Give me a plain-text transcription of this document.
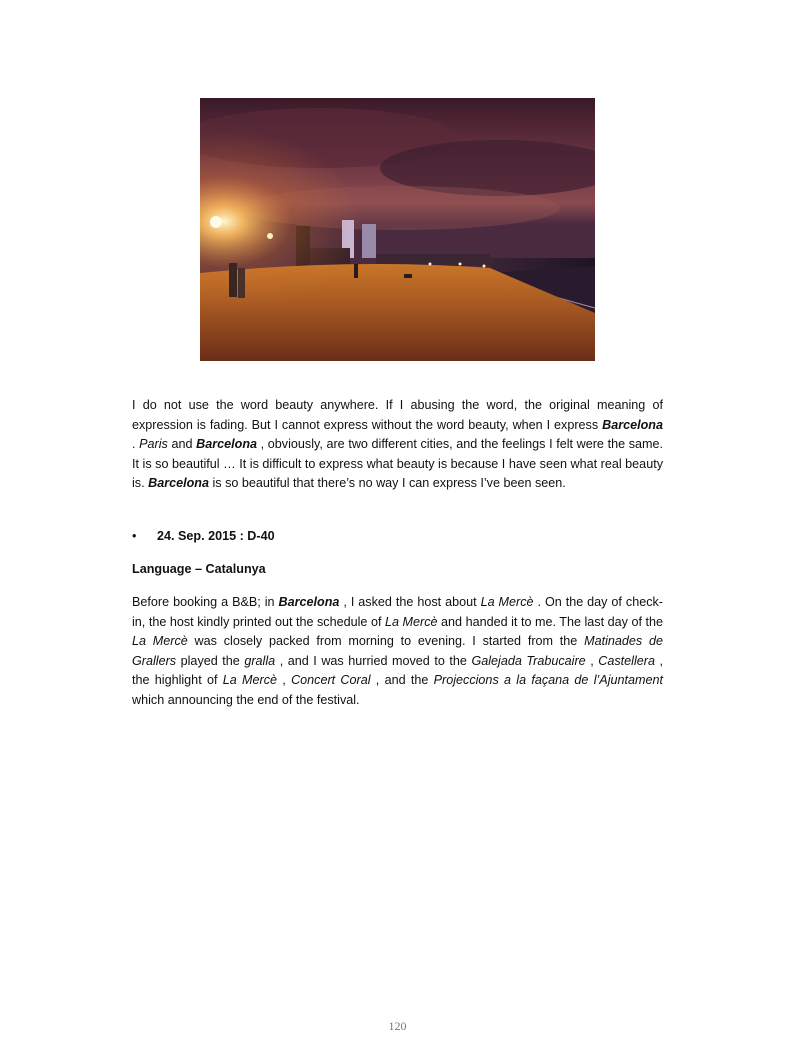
I do not use the word beauty anywhere. If I abusing the word, the original meaning of expression is fading. But I cannot express without the word beauty, when I express Barcelona . Paris and Barcelona , obviously, are two different cities, and the feelings I felt were the same. It is so beautiful … It is difficult to express what beauty is because I have seen what real beauty is. Barcelona is so beautiful that there’s no way I can express I’ve been seen.
•	24. Sep. 2015 : D-40
Language – Catalunya
Before booking a B&B; in Barcelona , I asked the host about La Mercè . On the day of check-in, the host kindly printed out the schedule of La Mercè and handed it to me. The last day of the La Mercè was closely packed from morning to evening. I started from the Matinades de Grallers played the gralla , and I was hurried moved to the Galejada Trabucaire , Castellera , the highlight of La Mercè , Concert Coral , and the Projeccions a la façana de l’Ajuntament which announcing the end of the festival.
120
